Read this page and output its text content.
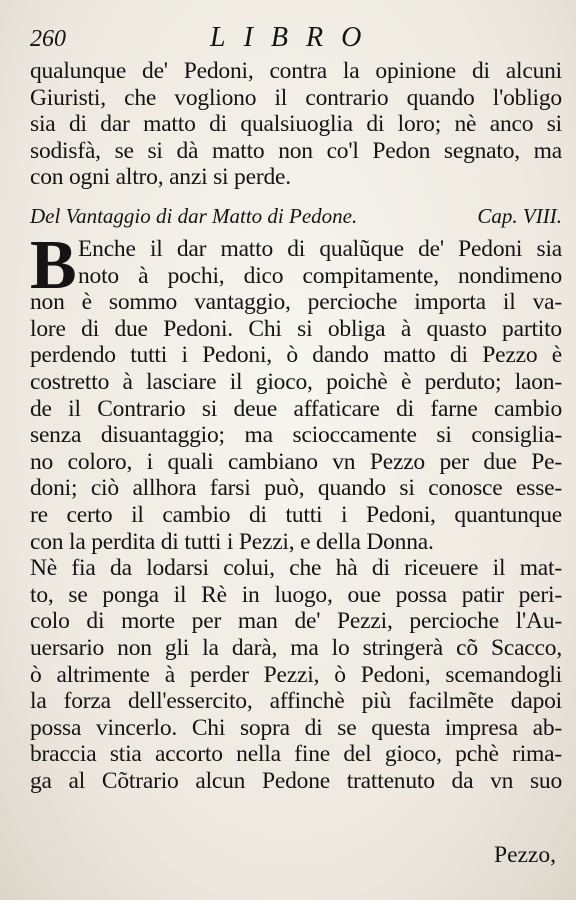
260	LIBRO
qualunque de' Pedoni, contra la opinione di alcuni
Giuristi, che vogliono il contrario quando l'obligo
sia di dar matto di qualsiuoglia di loro; nè anco si
sodisfà, se si dà matto non co'l Pedon segnato, ma
con ogni altro, anzi si perde.
Del Vantaggio di dar Matto di Pedone.	Cap. VIII.
B Enche il dar matto di qualũque de' Pedoni sia
noto à pochi, dico compitamente, nondimeno
non è sommo vantaggio, percioche importa il va-
lore di due Pedoni. Chi si obliga à quasto partito
perdendo tutti i Pedoni, ò dando matto di Pezzo è
costretto à lasciare il gioco, poichè è perduto; laon-
de il Contrario si deue affaticare di farne cambio
senza disuantaggio; ma scioccamente si consiglia-
no coloro, i quali cambiano vn Pezzo per due Pe-
doni; ciò allhora farsi può, quando si conosce esse-
re certo il cambio di tutti i Pedoni, quantunque
con la perdita di tutti i Pezzi, e della Donna.
Nè fia da lodarsi colui, che hà di riceuere il mat-
to, se ponga il Rè in luogo, oue possa patir peri-
colo di morte per man de' Pezzi, percioche l'Au-
uersario non gli la darà, ma lo stringerà cõ Scacco,
ò altrimente à perder Pezzi, ò Pedoni, scemandogli
la forza dell'essercito, affinchè più facilmẽte dapoi
possa vincerlo. Chi sopra di se questa impresa ab-
braccia stia accorto nella fine del gioco, pchè rima-
ga al Cõtrario alcun Pedone trattenuto da vn suo
Pezzo,
